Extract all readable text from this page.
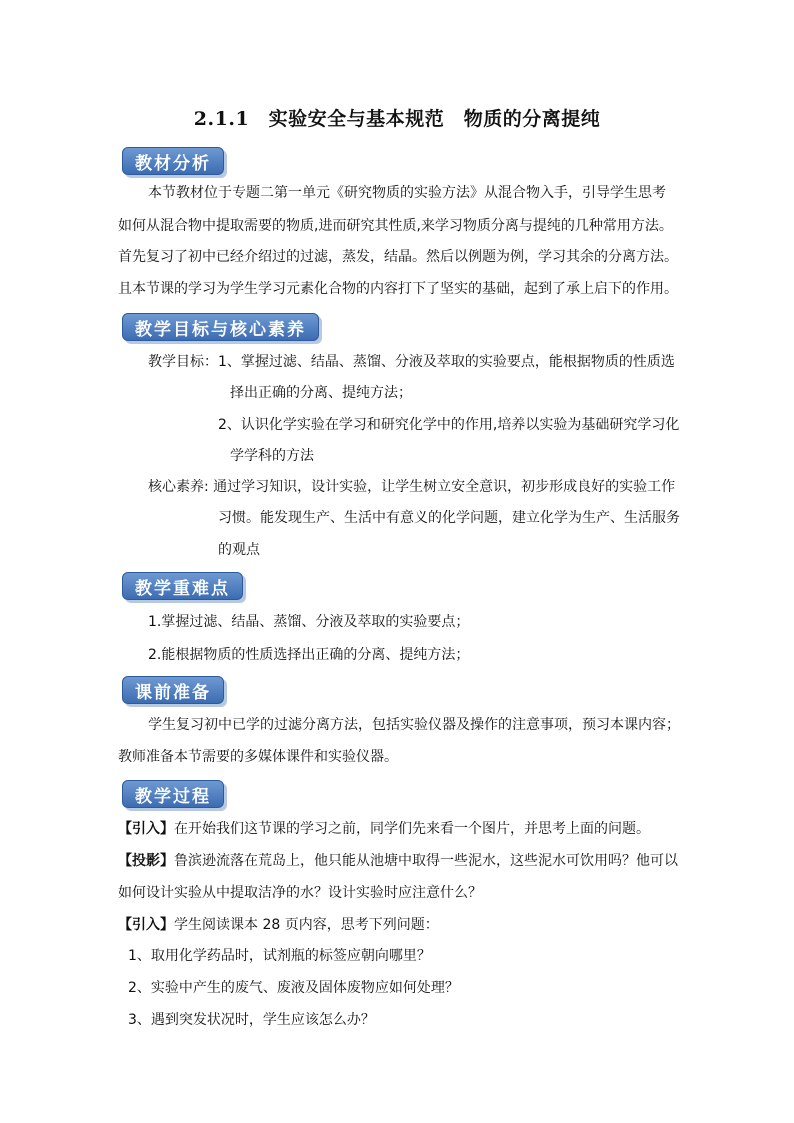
2.1.1　实验安全与基本规范　物质的分离提纯
教材分析
本节教材位于专题二第一单元《研究物质的实验方法》从混合物入手，引导学生思考
如何从混合物中提取需要的物质,进而研究其性质,来学习物质分离与提纯的几种常用方法。
首先复习了初中已经介绍过的过滤，蒸发，结晶。然后以例题为例，学习其余的分离方法。
且本节课的学习为学生学习元素化合物的内容打下了坚实的基础，起到了承上启下的作用。
教学目标与核心素养
教学目标：1、掌握过滤、结晶、蒸馏、分液及萃取的实验要点，能根据物质的性质选
择出正确的分离、提纯方法；
2、认识化学实验在学习和研究化学中的作用,培养以实验为基础研究学习化
学学科的方法
核心素养: 通过学习知识，设计实验，让学生树立安全意识，初步形成良好的实验工作
习惯。能发现生产、生活中有意义的化学问题，建立化学为生产、生活服务
的观点
教学重难点
1.掌握过滤、结晶、蒸馏、分液及萃取的实验要点；
2.能根据物质的性质选择出正确的分离、提纯方法；
课前准备
学生复习初中已学的过滤分离方法，包括实验仪器及操作的注意事项，预习本课内容；
教师准备本节需要的多媒体课件和实验仪器。
教学过程
【引入】在开始我们这节课的学习之前，同学们先来看一个图片，并思考上面的问题。
【投影】鲁滨逊流落在荒岛上，他只能从池塘中取得一些泥水，这些泥水可饮用吗？他可以
如何设计实验从中提取洁净的水？设计实验时应注意什么？
【引入】学生阅读课本 28 页内容，思考下列问题：
1、取用化学药品时，试剂瓶的标签应朝向哪里？
2、实验中产生的废气、废液及固体废物应如何处理？
3、遇到突发状况时，学生应该怎么办？
